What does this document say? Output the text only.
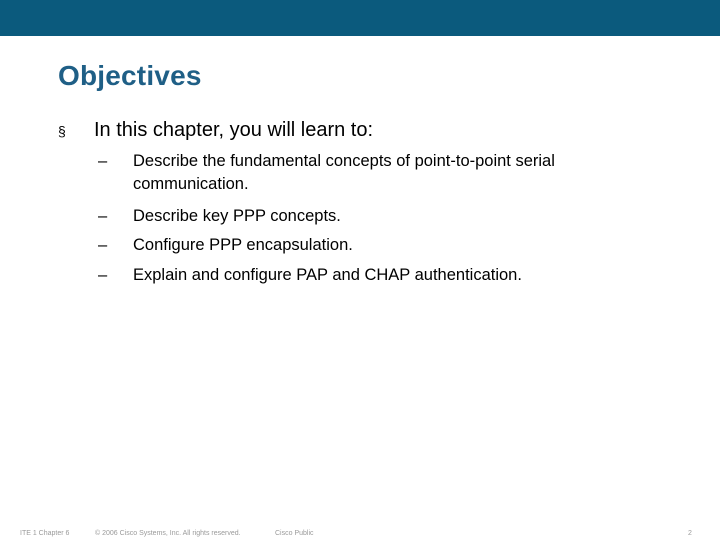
Objectives
§	In this chapter, you will learn to:
–	Describe the fundamental concepts of point-to-point serial communication.
–	Describe key PPP concepts.
–	Configure PPP encapsulation.
–	Explain and configure PAP and CHAP authentication.
ITE 1 Chapter 6	© 2006 Cisco Systems, Inc. All rights reserved.	Cisco Public	2
